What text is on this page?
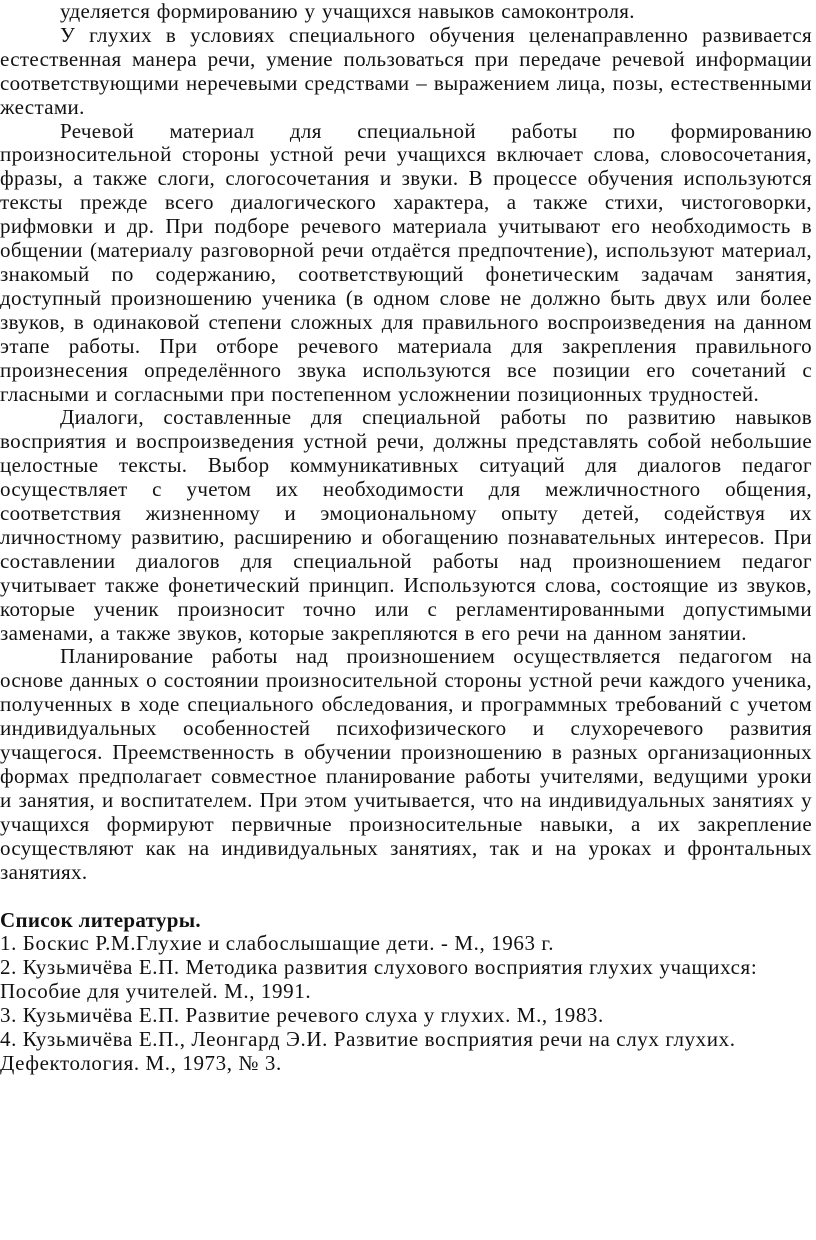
уделяется формированию у учащихся навыков самоконтроля.

У глухих в условиях специального обучения целенаправленно развивается естественная манера речи, умение пользоваться при передаче речевой информации соответствующими неречевыми средствами – выражением лица, позы, естественными жестами.

Речевой материал для специальной работы по формированию произносительной стороны устной речи учащихся включает слова, словосочетания, фразы, а также слоги, слогосочетания и звуки. В процессе обучения используются тексты прежде всего диалогического характера, а также стихи, чистоговорки, рифмовки и др. При подборе речевого материала учитывают его необходимость в общении (материалу разговорной речи отдаётся предпочтение), используют материал, знакомый по содержанию, соответствующий фонетическим задачам занятия, доступный произношению ученика (в одном слове не должно быть двух или более звуков, в одинаковой степени сложных для правильного воспроизведения на данном этапе работы. При отборе речевого материала для закрепления правильного произнесения определённого звука используются все позиции его сочетаний с гласными и согласными при постепенном усложнении позиционных трудностей.

Диалоги, составленные для специальной работы по развитию навыков восприятия и воспроизведения устной речи, должны представлять собой небольшие целостные тексты. Выбор коммуникативных ситуаций для диалогов педагог осуществляет с учетом их необходимости для межличностного общения, соответствия жизненному и эмоциональному опыту детей, содействуя их личностному развитию, расширению и обогащению познавательных интересов. При составлении диалогов для специальной работы над произношением педагог учитывает также фонетический принцип. Используются слова, состоящие из звуков, которые ученик произносит точно или с регламентированными допустимыми заменами, а также звуков, которые закрепляются в его речи на данном занятии.

Планирование работы над произношением осуществляется педагогом на основе данных о состоянии произносительной стороны устной речи каждого ученика, полученных в ходе специального обследования, и программных требований с учетом индивидуальных особенностей психофизического и слухоречевого развития учащегося. Преемственность в обучении произношению в разных организационных формах предполагает совместное планирование работы учителями, ведущими уроки и занятия, и воспитателем. При этом учитывается, что на индивидуальных занятиях у учащихся формируют первичные произносительные навыки, а их закрепление осуществляют как на индивидуальных занятиях, так и на уроках и фронтальных занятиях.

Список литературы.
1. Боскис Р.М.Глухие и слабослышащие дети. - М., 1963 г.
2. Кузьмичёва Е.П. Методика развития слухового восприятия глухих учащихся: Пособие для учителей. М., 1991.
3. Кузьмичёва Е.П. Развитие речевого слуха у глухих. М., 1983.
4. Кузьмичёва Е.П., Леонгард Э.И. Развитие восприятия речи на слух глухих. Дефектология. М., 1973, № 3.
